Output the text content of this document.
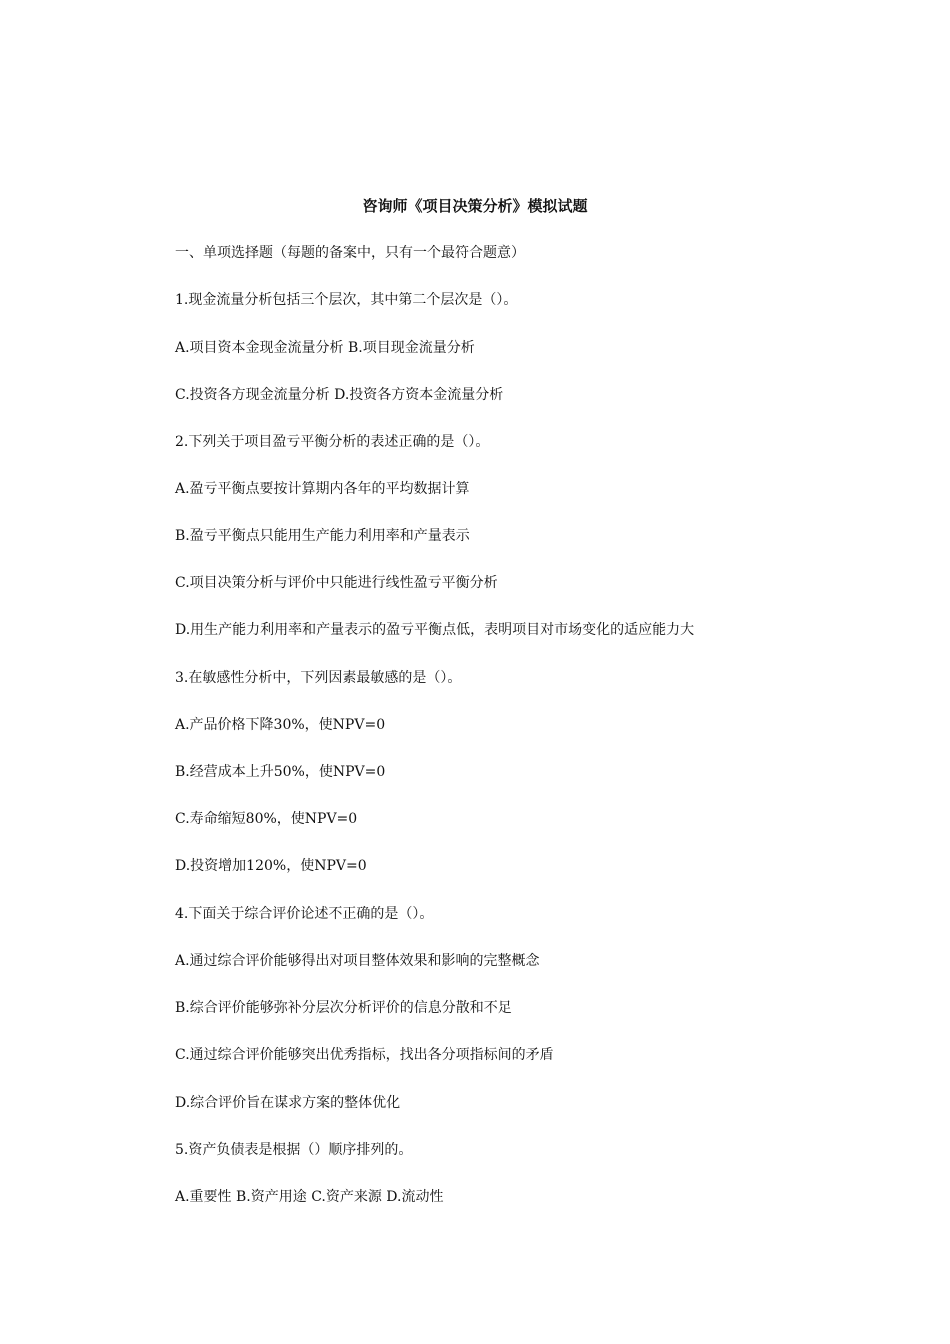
咨询师《项目决策分析》模拟试题
一、单项选择题（每题的备案中，只有一个最符合题意）
1.现金流量分析包括三个层次，其中第二个层次是（）。
A.项目资本金现金流量分析 B.项目现金流量分析
C.投资各方现金流量分析 D.投资各方资本金流量分析
2.下列关于项目盈亏平衡分析的表述正确的是（）。
A.盈亏平衡点要按计算期内各年的平均数据计算
B.盈亏平衡点只能用生产能力利用率和产量表示
C.项目决策分析与评价中只能进行线性盈亏平衡分析
D.用生产能力利用率和产量表示的盈亏平衡点低，表明项目对市场变化的适应能力大
3.在敏感性分析中，下列因素最敏感的是（）。
A.产品价格下降30%，使NPV=0
B.经营成本上升50%，使NPV=0
C.寿命缩短80%，使NPV=0
D.投资增加120%，使NPV=0
4.下面关于综合评价论述不正确的是（）。
A.通过综合评价能够得出对项目整体效果和影响的完整概念
B.综合评价能够弥补分层次分析评价的信息分散和不足
C.通过综合评价能够突出优秀指标，找出各分项指标间的矛盾
D.综合评价旨在谋求方案的整体优化
5.资产负债表是根据（）顺序排列的。
A.重要性 B.资产用途 C.资产来源 D.流动性
